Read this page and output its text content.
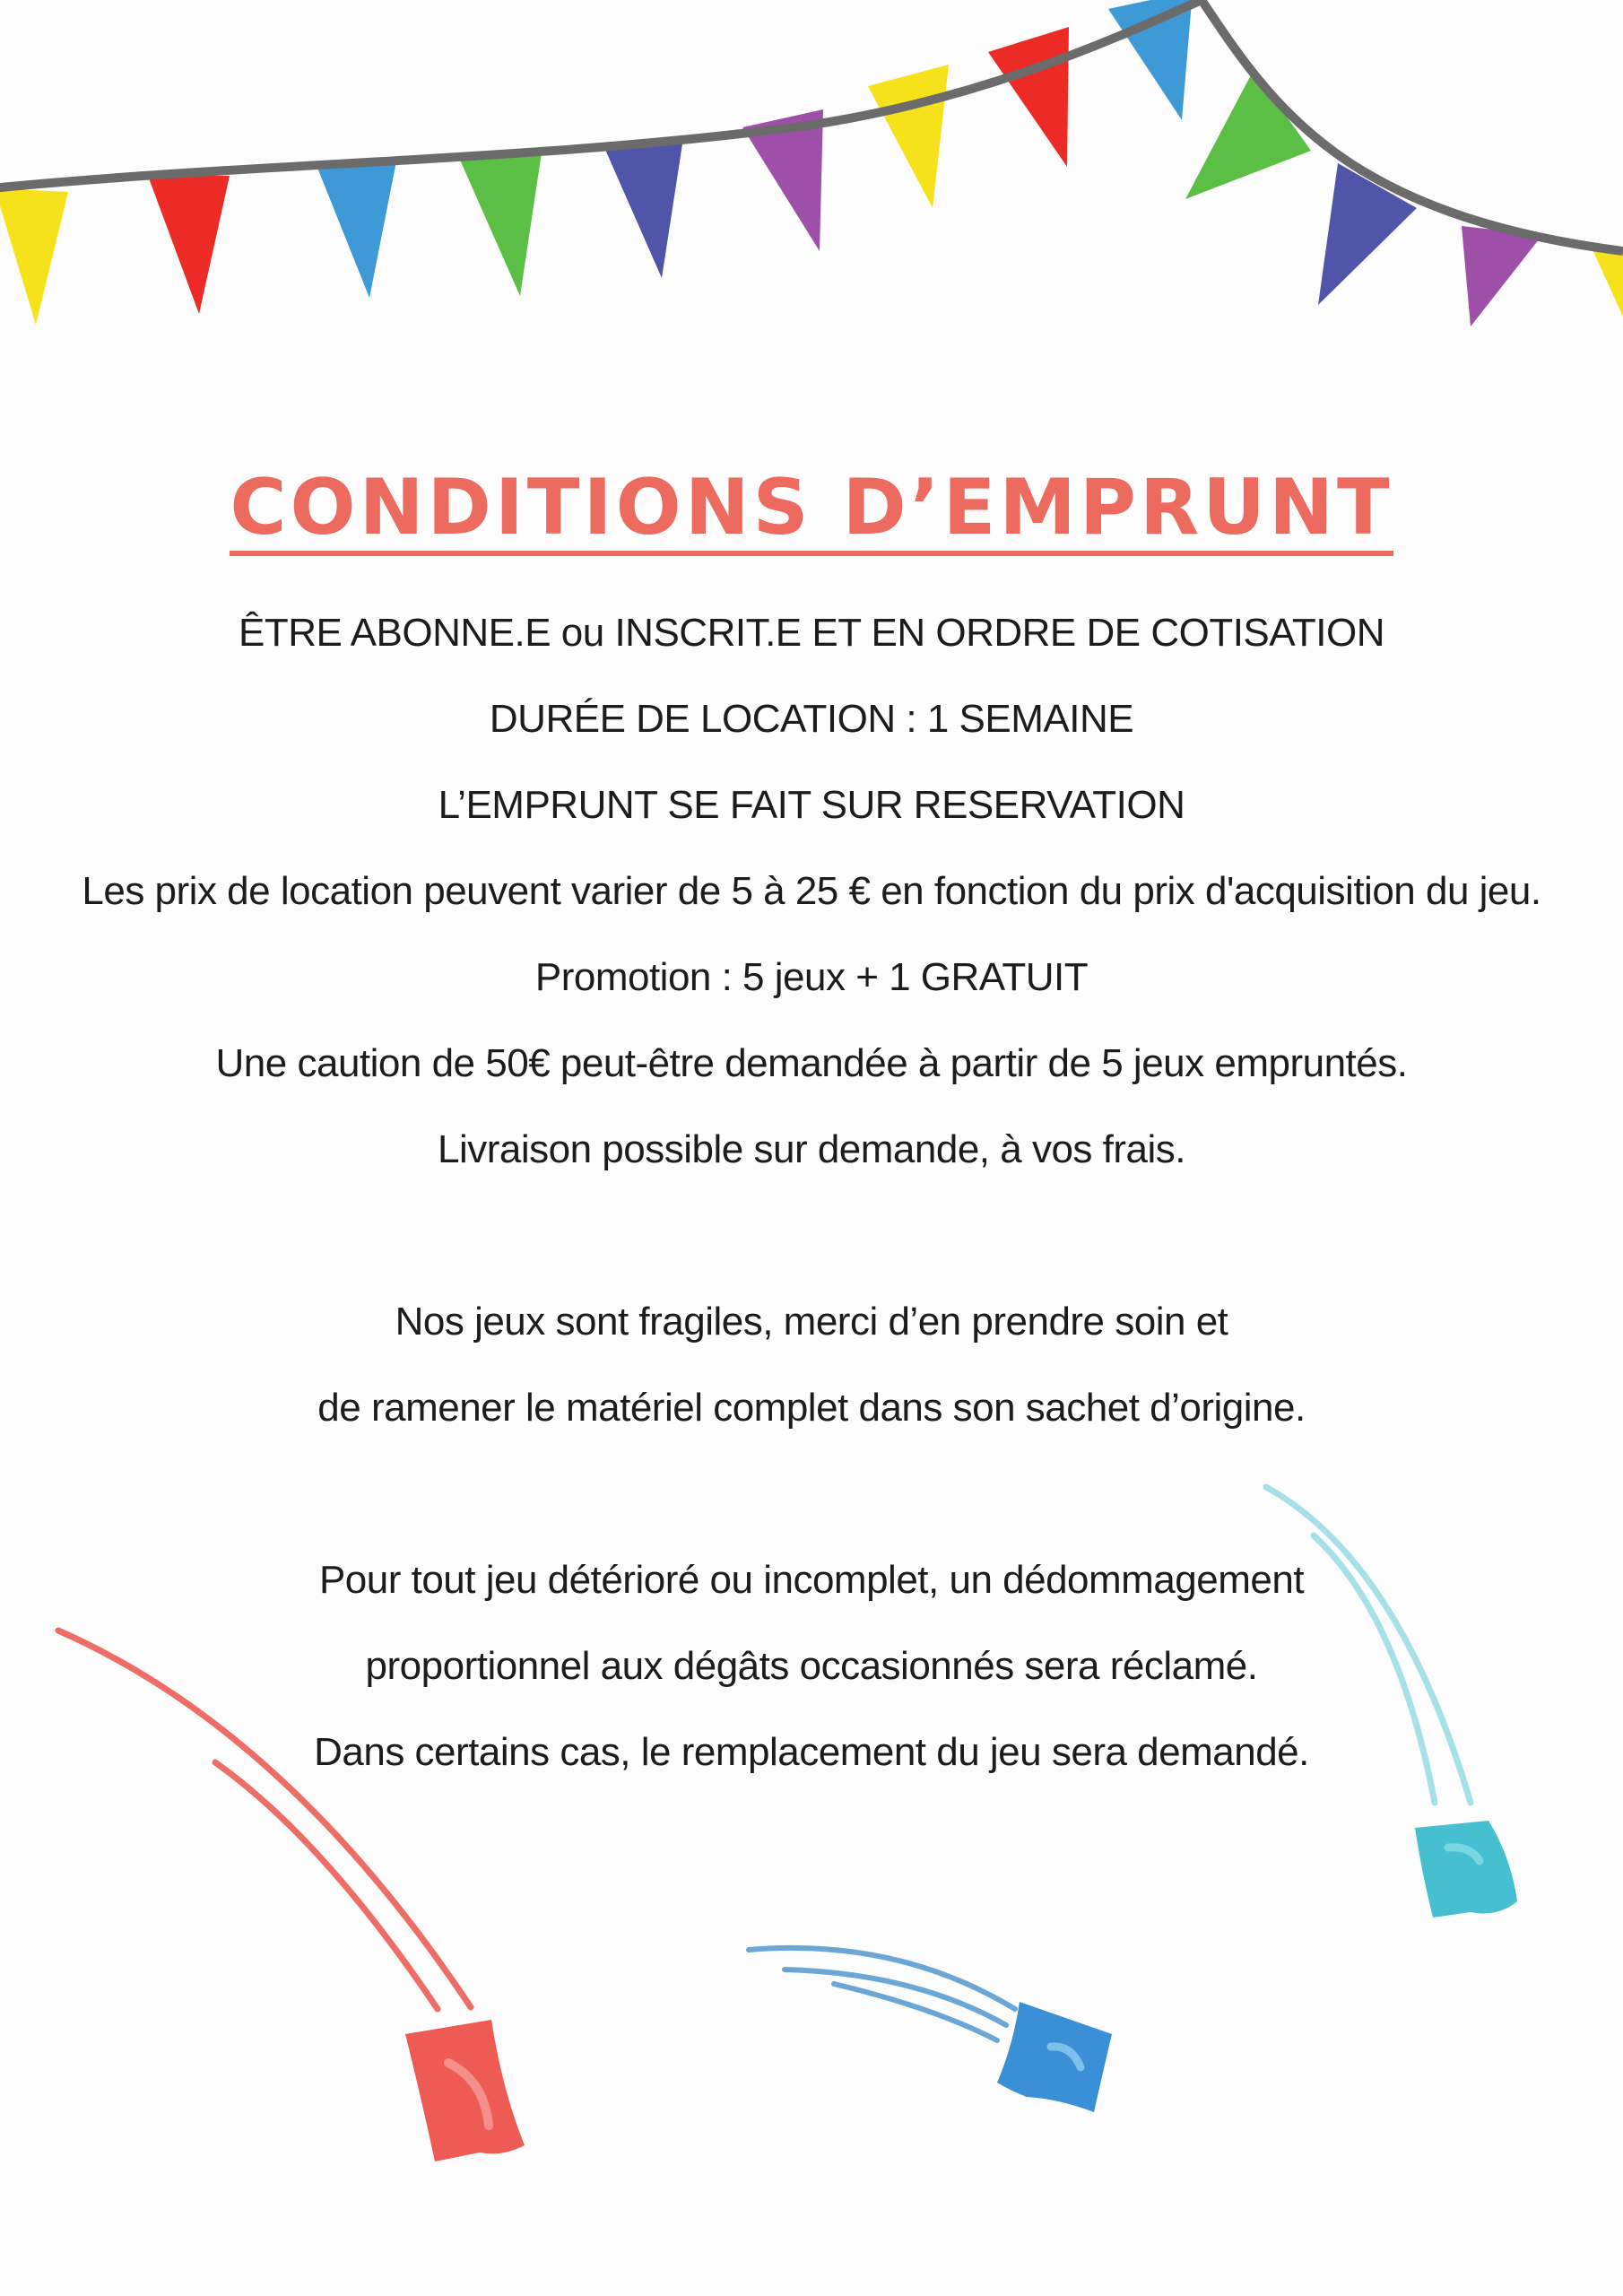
CONDITIONS D’EMPRUNT
ÊTRE ABONNE.E ou INSCRIT.E ET EN ORDRE DE COTISATION
DURÉE DE LOCATION : 1 SEMAINE
L’EMPRUNT SE FAIT SUR RESERVATION
Les prix de location peuvent varier de 5 à 25 € en fonction du prix d'acquisition du jeu.
Promotion : 5 jeux + 1 GRATUIT
Une caution de 50€ peut-être demandée à partir de 5 jeux empruntés.
Livraison possible sur demande, à vos frais.
Nos jeux sont fragiles, merci d’en prendre soin et
de ramener le matériel complet dans son sachet d’origine.
Pour tout jeu détérioré ou incomplet, un dédommagement
proportionnel aux dégâts occasionnés sera réclamé.
Dans certains cas, le remplacement du jeu sera demandé.
